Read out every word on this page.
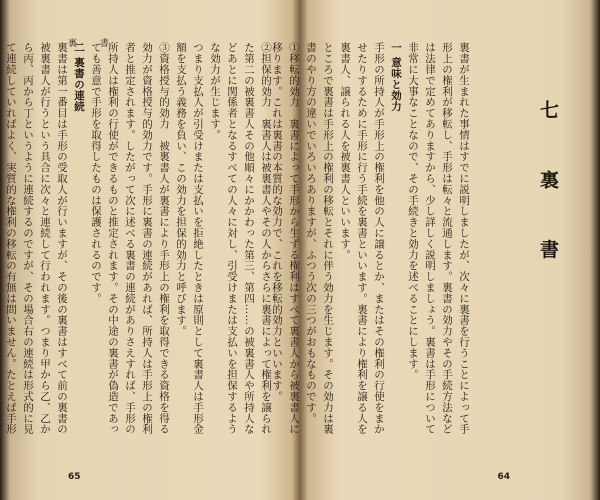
裏 書	②担保的効力　裏書人は被裏書人やその人からさらに裏書によって権利を譲られた第二の被裏書人その他順々にかかわった第三、第四……の被裏書人や所持人などあとに関係者となるすべての人々に対し、引受けまたは支払いを担保するような効力が生じます。

つまり支払人が引受けまたは支払いを拒絶したときは原則として裏書人は手形金額を支払う義務を負い、この効力を担保的効力と呼びます。

③資格授与的効力　被裏書人が裏書により手形上の権利を取得できる資格を得る効力が資格授与的効力です。手形に裏書の連続があれば、所持人は手形上の権利者と推定されます。したがって次に述べる裏書の連続がありさえすれば、手形の所持人は権利の行使ができるものと推定されます。その中途の裏書が偽造であっても善意で手形を取得したものは保護されるのです。

二 裏書の連続

裏書は第一番目は手形の受取人が行いますが、その後の裏書はすべて前の裏書の被裏書人が行うという具合に次々と連続して行われます。つまり甲から乙、乙から丙、丙から丁というように連続するのですが、その場合右の連続は形式的に見て連続していればよく、実質的な権利の移転の有無は問いません。たとえば手形

65
七 裏 書

裏書が生まれた事情はすでに説明しましたが、次々に裏書を行うことによって手形上の権利が移転し、手形は転々と流通します。裏書の効力やその手続方法などは法律で定めてありますから、少し詳しく説明しましょう。裏書は手形について非常に大事なことなので、その手続きと効力を述べることにします。

一 意味と効力

手形の所持人が手形上の権利を他の人に譲るとか、またはその権利の行使をまかせたりするために手形に行う手続を裏書といいます。裏書により権利を譲る人を裏書人、譲られる人を被裏書人といいます。

ところで裏書は手形上の権利の移転とそれに伴う効力を生じます。その効力は裏書のやり方の違いでいろいろありますが、ふつう次の三つがおもなものです。

①移転的効力　裏書によって手形から生ずる権利はすべて裏書人から被裏書人に移ります。これは裏書の本質的な効力で、これを移転的効力といいます。

64
